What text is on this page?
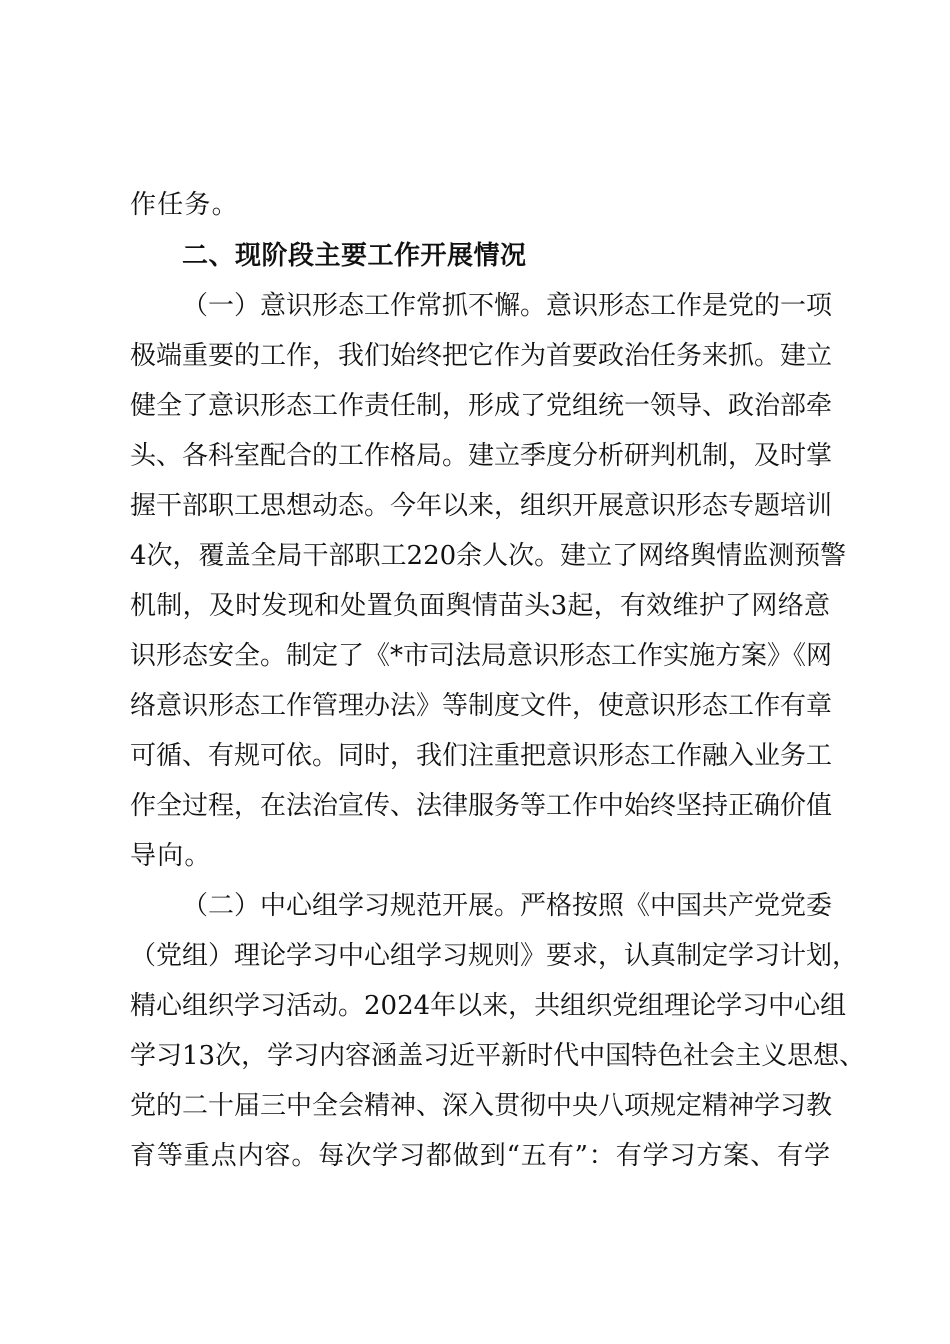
作任务。
二、现阶段主要工作开展情况
（一）意识形态工作常抓不懈。意识形态工作是党的一项
极端重要的工作，我们始终把它作为首要政治任务来抓。建立
健全了意识形态工作责任制，形成了党组统一领导、政治部牵
头、各科室配合的工作格局。建立季度分析研判机制，及时掌
握干部职工思想动态。今年以来，组织开展意识形态专题培训
4次，覆盖全局干部职工220余人次。建立了网络舆情监测预警
机制，及时发现和处置负面舆情苗头3起，有效维护了网络意
识形态安全。制定了《*市司法局意识形态工作实施方案》《网
络意识形态工作管理办法》等制度文件，使意识形态工作有章
可循、有规可依。同时，我们注重把意识形态工作融入业务工
作全过程，在法治宣传、法律服务等工作中始终坚持正确价值
导向。
（二）中心组学习规范开展。严格按照《中国共产党党委
（党组）理论学习中心组学习规则》要求，认真制定学习计划，
精心组织学习活动。2024年以来，共组织党组理论学习中心组
学习13次，学习内容涵盖习近平新时代中国特色社会主义思想、
党的二十届三中全会精神、深入贯彻中央八项规定精神学习教
育等重点内容。每次学习都做到“五有”：有学习方案、有学
